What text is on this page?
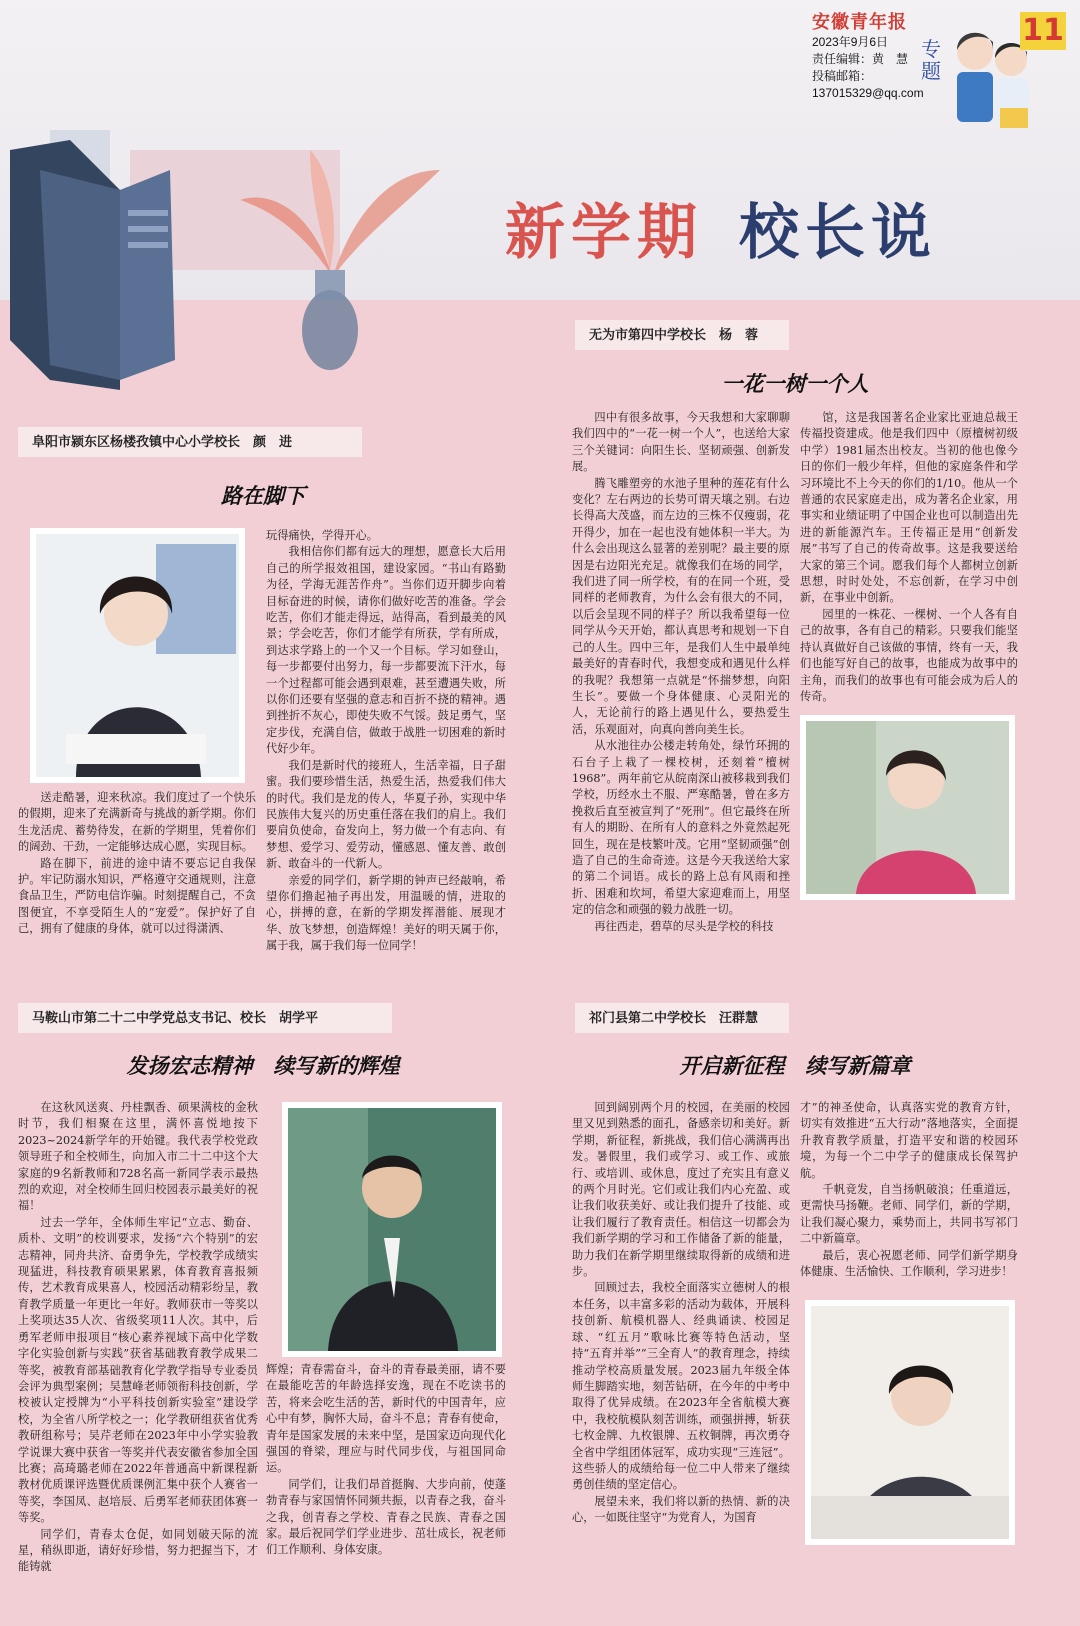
安徽青年报
2023年9月6日
责任编辑：黄　慧
投稿邮箱：
137015329@qq.com
专题
11
新学期  校长说
无为市第四中学校长　杨　蓉
一花一树一个人

四中有很多故事，今天我想和大家聊聊我们四中的“一花一树一个人”，也送给大家三个关键词：向阳生长、坚韧顽强、创新发展。

腾飞雕塑旁的水池子里种的莲花有什么变化？左右两边的长势可谓天壤之别。右边长得高大茂盛，而左边的三株不仅瘦弱，花开得少，加在一起也没有她体积一半大。为什么会出现这么显著的差别呢？最主要的原因是右边阳光充足。就像我们在场的同学，我们进了同一所学校，有的在同一个班，受同样的老师教育，为什么会有很大的不同，以后会呈现不同的样子？所以我希望每一位同学从今天开始，都认真思考和规划一下自己的人生。四中三年，是我们人生中最单纯最美好的青春时代，我想变成和遇见什么样的我呢？我想第一点就是“怀揣梦想，向阳生长”。要做一个身体健康、心灵阳光的人，无论前行的路上遇见什么，要热爱生活，乐观面对，向真向善向美生长。

从水池往办公楼走转角处，绿竹环拥的石台子上栽了一棵校树，还刻着“檀树1968”。两年前它从皖南深山被移栽到我们学校，历经水土不服、严寒酷暑，曾在多方挽救后直至被宣判了“死刑”。但它最终在所有人的期盼、在所有人的意料之外竟然起死回生，现在是枝繁叶茂。它用“坚韧顽强”创造了自己的生命奇迹。这是今天我送给大家的第二个词语。成长的路上总有风雨和挫折、困难和坎坷，希望大家迎难而上，用坚定的信念和顽强的毅力战胜一切。

再往西走，碧草的尽头是学校的科技

馆，这是我国著名企业家比亚迪总裁王传福投资建成。他是我们四中（原檀树初级中学）1981届杰出校友。当初的他也像今日的你们一般少年样，但他的家庭条件和学习环境比不上今天的你们的1/10。他从一个普通的农民家庭走出，成为著名企业家，用事实和业绩证明了中国企业也可以制造出先进的新能源汽车。王传福正是用“创新发展”书写了自己的传奇故事。这是我要送给大家的第三个词。愿我们每个人都树立创新思想，时时处处，不忘创新，在学习中创新，在事业中创新。

园里的一株花、一棵树、一个人各有自己的故事，各有自己的精彩。只要我们能坚持认真做好自己该做的事情，终有一天，我们也能写好自己的故事，也能成为故事中的主角，而我们的故事也有可能会成为后人的传奇。

阜阳市颍东区杨楼孜镇中心小学校长　颜　进
路在脚下

送走酷暑，迎来秋凉。我们度过了一个快乐的假期，迎来了充满新奇与挑战的新学期。你们生龙活虎、蓄势待发，在新的学期里，凭着你们的阔劲、干劲，一定能够达成心愿，实现目标。

路在脚下，前进的途中请不要忘记自我保护。牢记防溺水知识，严格遵守交通规则，注意食品卫生，严防电信诈骗。时刻提醒自己，不贪图便宜，不享受陌生人的“宠爱”。保护好了自己，拥有了健康的身体，就可以过得潇洒、

玩得痛快，学得开心。

我相信你们都有远大的理想，愿意长大后用自己的所学报效祖国，建设家园。“书山有路勤为径，学海无涯苦作舟”。当你们迈开脚步向着目标奋进的时候，请你们做好吃苦的准备。学会吃苦，你们才能走得远，站得高，看到最美的风景；学会吃苦，你们才能学有所获，学有所成，到达求学路上的一个又一个目标。学习如登山，每一步都要付出努力，每一步都要流下汗水，每一个过程都可能会遇到艰难，甚至遭遇失败，所以你们还要有坚强的意志和百折不挠的精神。遇到挫折不灰心，即使失败不气馁。鼓足勇气，坚定步伐，充满自信，做敢于战胜一切困难的新时代好少年。

我们是新时代的接班人，生活幸福，日子甜蜜。我们要珍惜生活，热爱生活，热爱我们伟大的时代。我们是龙的传人，华夏子孙，实现中华民族伟大复兴的历史重任落在我们的肩上。我们要肩负使命，奋发向上，努力做一个有志向、有梦想、爱学习、爱劳动，懂感恩、懂友善、敢创新、敢奋斗的一代新人。

亲爱的同学们，新学期的钟声已经敲响，希望你们撸起袖子再出发，用温暖的情，进取的心，拼搏的意，在新的学期发挥潜能、展现才华、放飞梦想，创造辉煌！美好的明天属于你，属于我，属于我们每一位同学！

马鞍山市第二十二中学党总支书记、校长　胡学平
发扬宏志精神　续写新的辉煌

在这秋风送爽、丹桂飘香、硕果满枝的金秋时节，我们相聚在这里，满怀喜悦地按下2023~2024新学年的开始键。我代表学校党政领导班子和全校师生，向加入市二十二中这个大家庭的9名新教师和728名高一新同学表示最热烈的欢迎，对全校师生回归校园表示最美好的祝福！

过去一学年，全体师生牢记“立志、勤奋、质朴、文明”的校训要求，发扬“六个特别”的宏志精神，同舟共济、奋勇争先，学校教学成绩实现猛进，科技教育硕果累累，体育教育喜报频传，艺术教育成果喜人，校园活动精彩纷呈，教育教学质量一年更比一年好。教师获市一等奖以上奖项达35人次、省级奖项11人次。其中，后勇军老师申报项目“核心素养视域下高中化学数字化实验创新与实践”获省基础教育教学成果二等奖，被教育部基础教育化学教学指导专业委员会评为典型案例；吴慧峰老师领衔科技创新，学校被认定授牌为“小平科技创新实验室”建设学校，为全省八所学校之一；化学教研组获省优秀教研组称号；吴芹老师在2023年中小学实验教学说课大赛中获省一等奖并代表安徽省参加全国比赛；高琦璐老师在2022年普通高中新课程新教材优质课评选暨优质课例汇集中获个人赛省一等奖，李国凤、赵培辰、后勇军老师获团体赛一等奖。

同学们，青春太仓促，如同划破天际的流星，稍纵即逝，请好好珍惜，努力把握当下，才能铸就

辉煌；青春需奋斗，奋斗的青春最美丽，请不要在最能吃苦的年龄选择安逸，现在不吃读书的苦，将来会吃生活的苦，新时代的中国青年，应心中有梦，胸怀大局，奋斗不息；青春有使命，青年是国家发展的未来中坚，是国家迈向现代化强国的脊梁，理应与时代同步伐，与祖国同命运。

同学们，让我们昂首挺胸、大步向前，使蓬勃青春与家国情怀同频共振，以青春之我，奋斗之我，创青春之学校、青春之民族、青春之国家。最后祝同学们学业进步、茁壮成长，祝老师们工作顺利、身体安康。

祁门县第二中学校长　汪群慧
开启新征程　续写新篇章

回到阔别两个月的校园，在美丽的校园里又见到熟悉的面孔，备感亲切和美好。新学期，新征程，新挑战，我们信心满满再出发。暑假里，我们或学习、或工作、或旅行、或培训、或休息，度过了充实且有意义的两个月时光。它们或让我们内心充盈、或让我们收获美好、或让我们提升了技能、或让我们履行了教育责任。相信这一切都会为我们新学期的学习和工作储备了新的能量，助力我们在新学期里继续取得新的成绩和进步。

回顾过去，我校全面落实立德树人的根本任务，以丰富多彩的活动为载体，开展科技创新、航模机器人、经典诵读、校园足球、“红五月”歌咏比赛等特色活动，坚持“五育并举”“三全育人”的教育理念，持续推动学校高质量发展。2023届九年级全体师生脚踏实地，刻苦钻研，在今年的中考中取得了优异成绩。在2023年全省航模大赛中，我校航模队刻苦训练，顽强拼搏，斩获七枚金牌、九枚银牌、五枚铜牌，再次勇夺全省中学组团体冠军，成功实现“三连冠”。这些骄人的成绩给每一位二中人带来了继续勇创佳绩的坚定信心。

展望未来，我们将以新的热情、新的决心，一如既往坚守“为党育人，为国育

才”的神圣使命，认真落实党的教育方针，切实有效推进“五大行动”落地落实，全面提升教育教学质量，打造平安和谐的校园环境，为每一个二中学子的健康成长保驾护航。

千帆竞发，自当扬帆破浪；任重道远，更需快马扬鞭。老师、同学们，新的学期，让我们凝心聚力，乘势而上，共同书写祁门二中新篇章。

最后，衷心祝愿老师、同学们新学期身体健康、生活愉快、工作顺利，学习进步！
